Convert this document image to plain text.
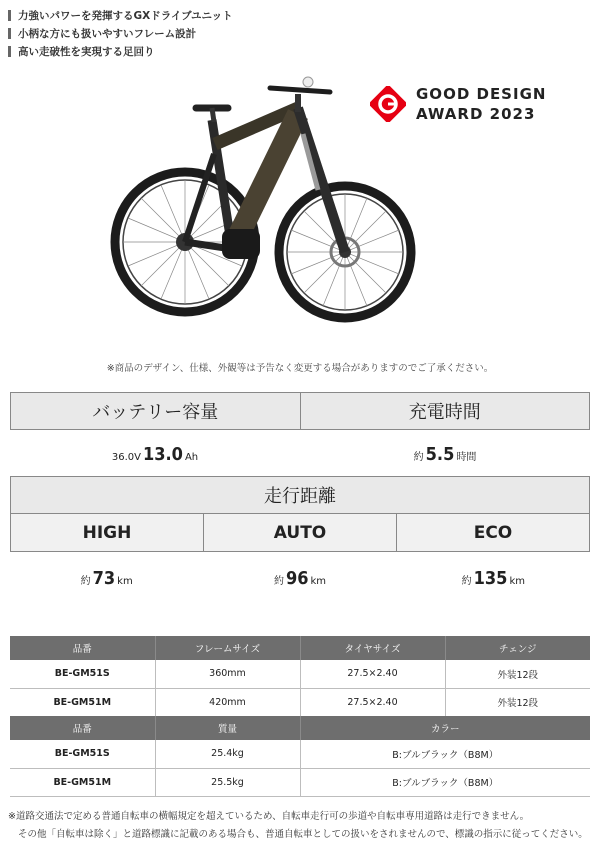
力強いパワーを発揮するGXドライブユニット
小柄な方にも扱いやすいフレーム設計
高い走破性を実現する足回り
GOOD DESIGN
AWARD 2023
※商品のデザイン、仕様、外観等は予告なく変更する場合がありますのでご了承ください。
バッテリー容量	充電時間
36.0V 13.0 Ah	約 5.5 時間
走行距離
HIGH	AUTO	ECO
約 73 km	約 96 km	約 135 km
品番	フレームサイズ	タイヤサイズ	チェンジ
BE-GM51S	360mm	27.5×2.40	外装12段
BE-GM51M	420mm	27.5×2.40	外装12段
品番	質量	カラー
BE-GM51S	25.4kg	B:ブルブラック（B8M）
BE-GM51M	25.5kg	B:ブルブラック（B8M）
※道路交通法で定める普通自転車の横幅規定を超えているため、自転車走行可の歩道や自転車専用道路は走行できません。
その他「自転車は除く」と道路標識に記載のある場合も、普通自転車としての扱いをされませんので、標識の指示に従ってください。
